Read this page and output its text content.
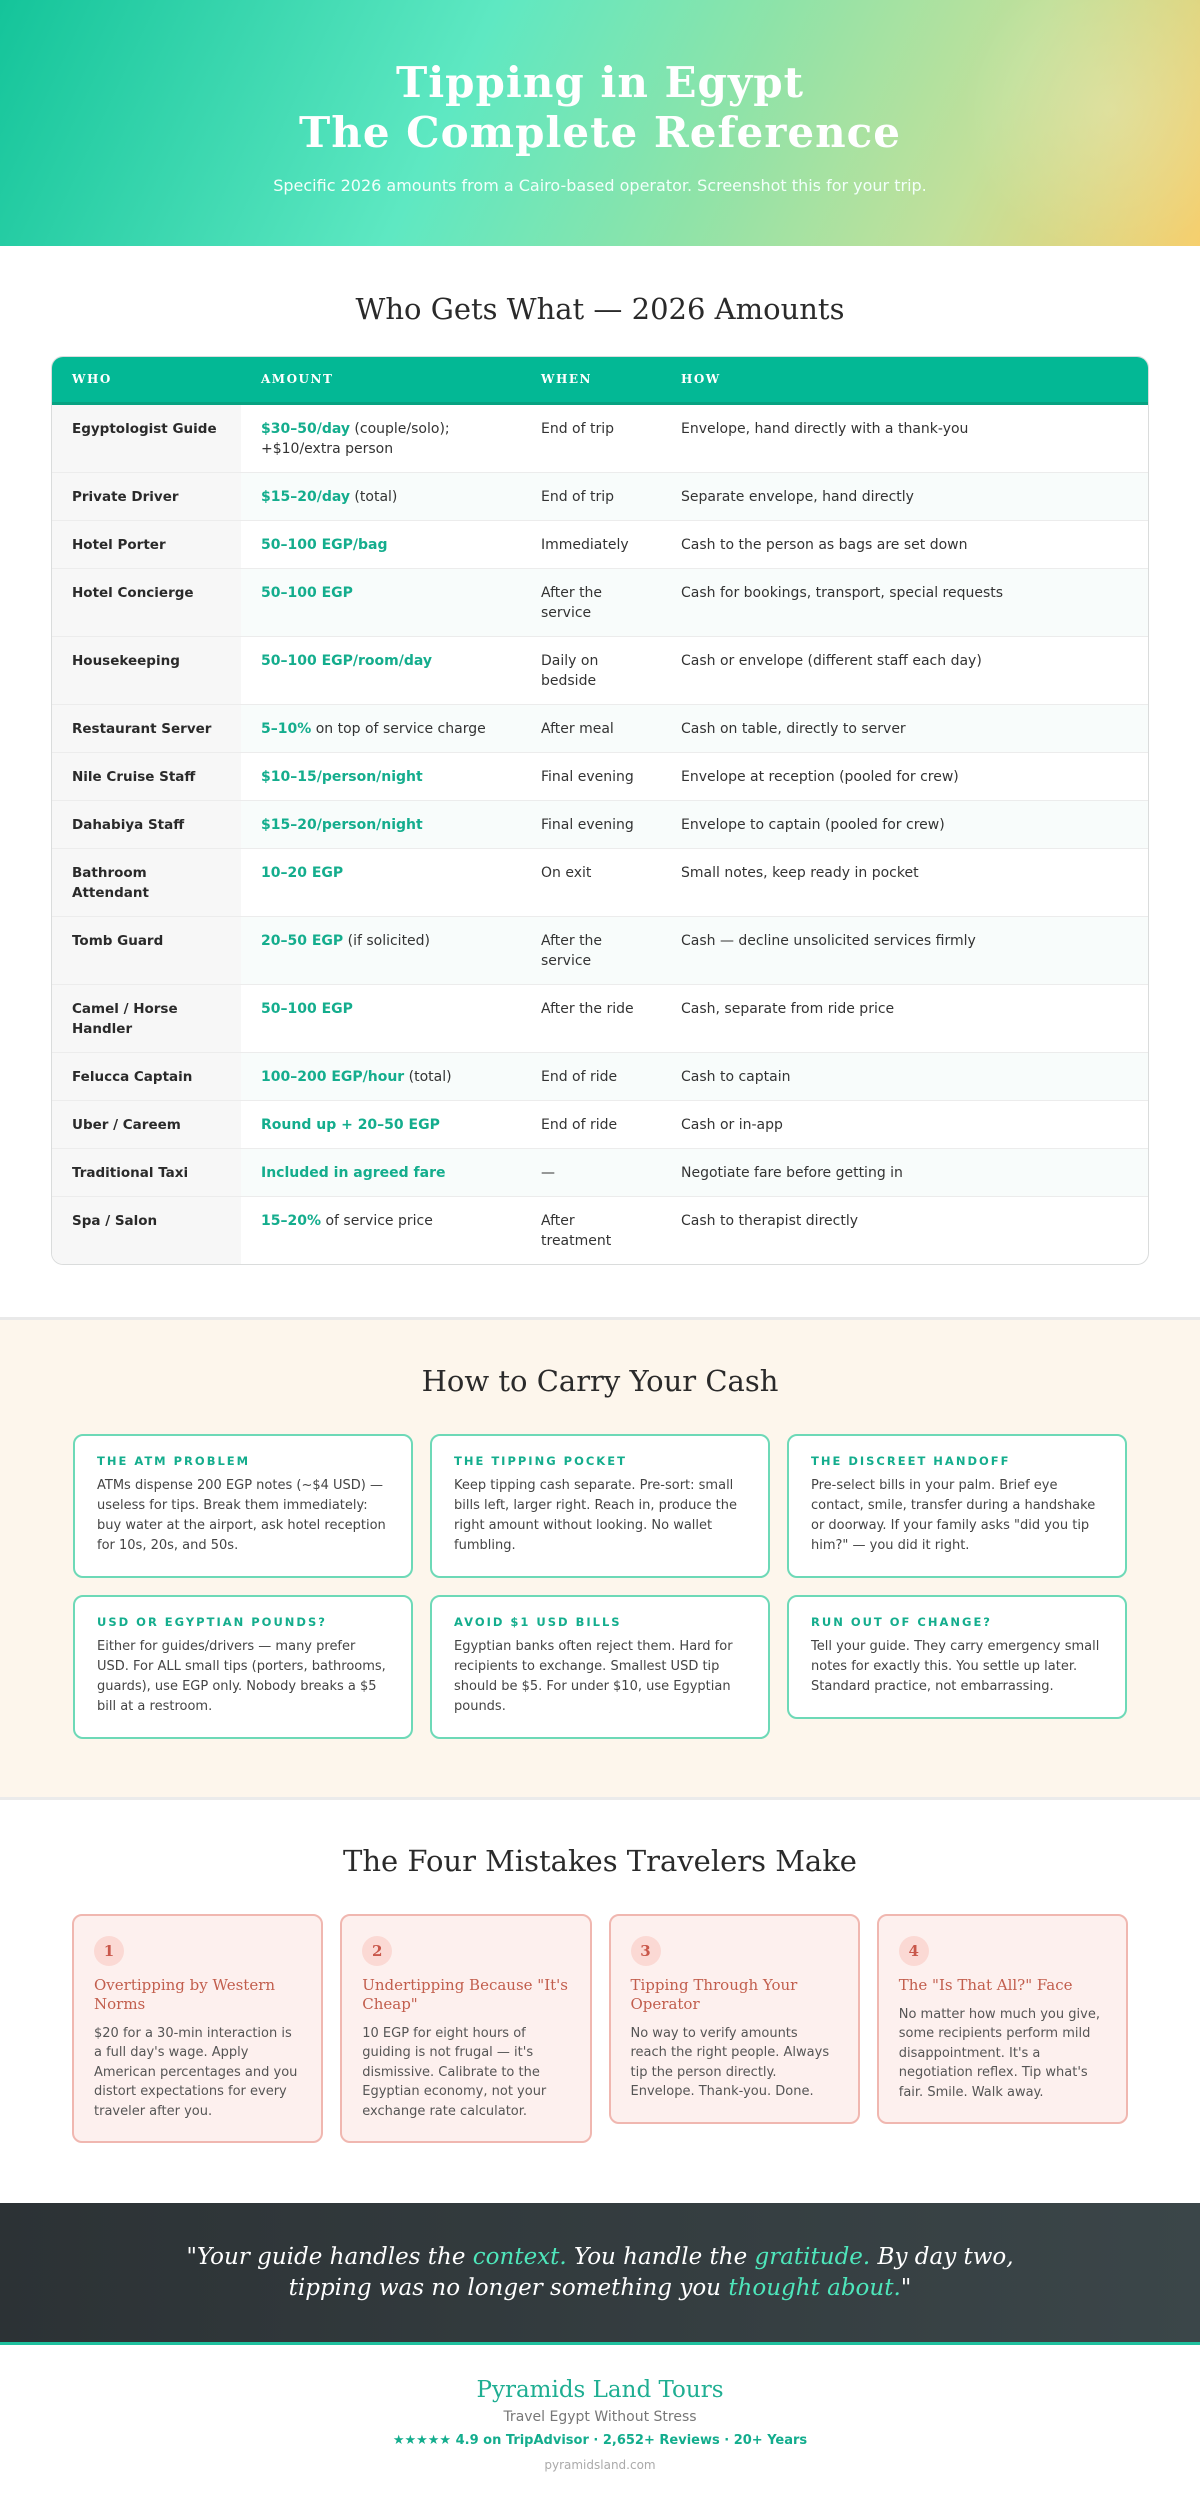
Tipping in Egypt
The Complete Reference

Specific 2026 amounts from a Cairo-based operator. Screenshot this for your trip.

Who Gets What — 2026 Amounts
WHO	AMOUNT	WHEN	HOW
Egyptologist Guide	$30–50/day (couple/solo); +$10/extra person	End of trip	Envelope, hand directly with a thank-you
Private Driver	$15–20/day (total)	End of trip	Separate envelope, hand directly
Hotel Porter	50–100 EGP/bag	Immediately	Cash to the person as bags are set down
Hotel Concierge	50–100 EGP	After the service	Cash for bookings, transport, special requests
Housekeeping	50–100 EGP/room/day	Daily on bedside	Cash or envelope (different staff each day)
Restaurant Server	5–10% on top of service charge	After meal	Cash on table, directly to server
Nile Cruise Staff	$10–15/person/night	Final evening	Envelope at reception (pooled for crew)
Dahabiya Staff	$15–20/person/night	Final evening	Envelope to captain (pooled for crew)
Bathroom Attendant	10–20 EGP	On exit	Small notes, keep ready in pocket
Tomb Guard	20–50 EGP (if solicited)	After the service	Cash — decline unsolicited services firmly
Camel / Horse Handler	50–100 EGP	After the ride	Cash, separate from ride price
Felucca Captain	100–200 EGP/hour (total)	End of ride	Cash to captain
Uber / Careem	Round up + 20–50 EGP	End of ride	Cash or in-app
Traditional Taxi	Included in agreed fare	—	Negotiate fare before getting in
Spa / Salon	15–20% of service price	After treatment	Cash to therapist directly
How to Carry Your Cash
THE ATM PROBLEM

ATMs dispense 200 EGP notes (~$4 USD) — useless for tips. Break them immediately: buy water at the airport, ask hotel reception for 10s, 20s, and 50s.

THE TIPPING POCKET

Keep tipping cash separate. Pre-sort: small bills left, larger right. Reach in, produce the right amount without looking. No wallet fumbling.

THE DISCREET HANDOFF

Pre-select bills in your palm. Brief eye contact, smile, transfer during a handshake or doorway. If your family asks "did you tip him?" — you did it right.

USD OR EGYPTIAN POUNDS?

Either for guides/drivers — many prefer USD. For ALL small tips (porters, bathrooms, guards), use EGP only. Nobody breaks a $5 bill at a restroom.

AVOID $1 USD BILLS

Egyptian banks often reject them. Hard for recipients to exchange. Smallest USD tip should be $5. For under $10, use Egyptian pounds.

RUN OUT OF CHANGE?

Tell your guide. They carry emergency small notes for exactly this. You settle up later. Standard practice, not embarrassing.

The Four Mistakes Travelers Make
1
Overtipping by Western Norms

$20 for a 30-min interaction is a full day's wage. Apply American percentages and you distort expectations for every traveler after you.

2
Undertipping Because "It's Cheap"

10 EGP for eight hours of guiding is not frugal — it's dismissive. Calibrate to the Egyptian economy, not your exchange rate calculator.

3
Tipping Through Your Operator

No way to verify amounts reach the right people. Always tip the person directly. Envelope. Thank-you. Done.

4
The "Is That All?" Face

No matter how much you give, some recipients perform mild disappointment. It's a negotiation reflex. Tip what's fair. Smile. Walk away.

"Your guide handles the context. You handle the gratitude. By day two, tipping was no longer something you thought about."

Pyramids Land Tours
Travel Egypt Without Stress
★★★★★ 4.9 on TripAdvisor · 2,652+ Reviews · 20+ Years
pyramidsland.com
